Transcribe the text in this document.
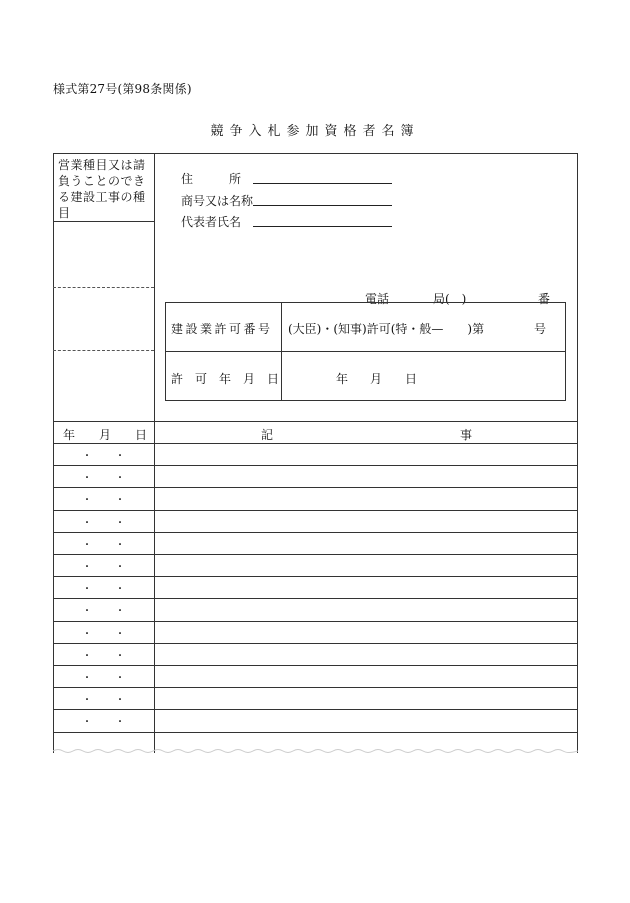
様式第27号(第98条関係)
競争入札参加資格者名簿
営業種目又は請負うことのできる建設工事の種目
住　　　所
商号又は名称
代表者氏名
電話	局(　)	番
建設業許可番号 (大臣)・(知事)許可(特・般—　　)第	号
許　可　年　月　日	年 月 日
年　　月　　日	記	事
・ ・
・ ・
・ ・
・ ・
・ ・
・ ・
・ ・
・ ・
・ ・
・ ・
・ ・
・ ・
・ ・
